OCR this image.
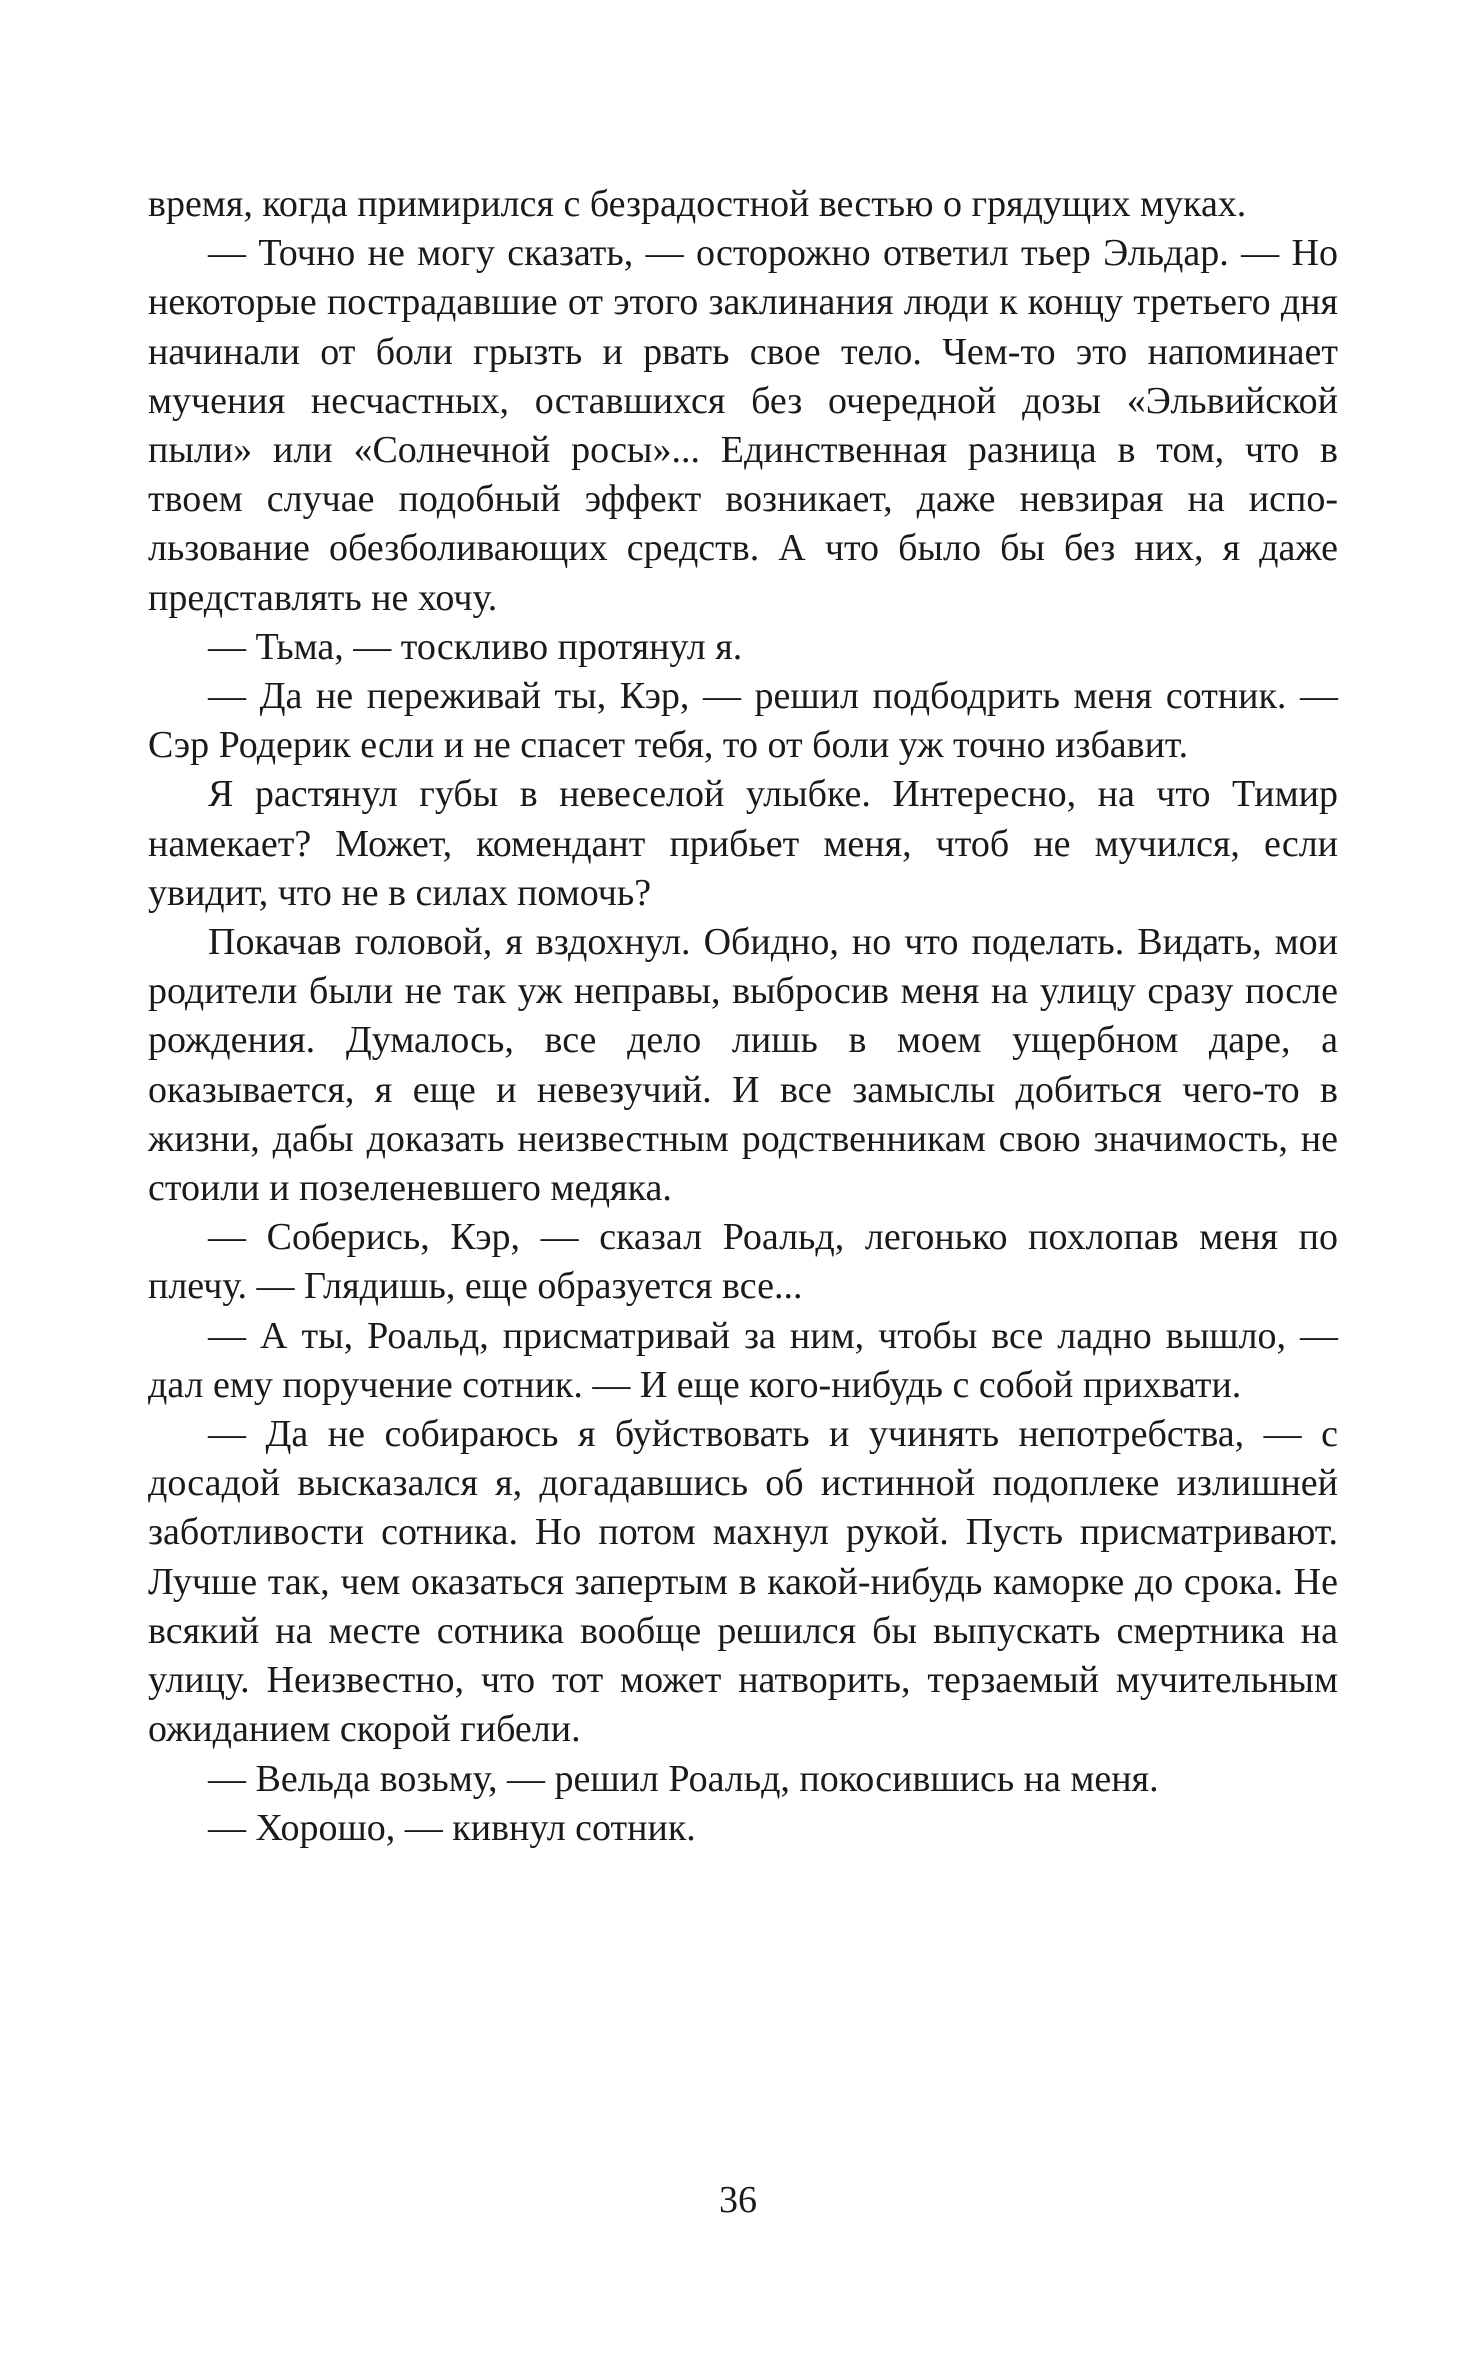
время, когда примирился с безрадостной вестью о грядущих муках.

— Точно не могу сказать, — осторожно ответил тьер Эльдар. — Но некоторые пострадавшие от этого заклинания люди к концу третьего дня начинали от боли грызть и рвать свое тело. Чем-то это напоминает мучения несчастных, оставшихся без очередной дозы «Эльвийской пыли» или «Солнечной росы»... Единственная разница в том, что в твоем случае подобный эффект возникает, даже невзирая на использование обезболивающих средств. А что было бы без них, я даже представлять не хочу.

— Тьма, — тоскливо протянул я.

— Да не переживай ты, Кэр, — решил подбодрить меня сотник. — Сэр Родерик если и не спасет тебя, то от боли уж точно избавит.

Я растянул губы в невеселой улыбке. Интересно, на что Тимир намекает? Может, комендант прибьет меня, чтоб не мучился, если увидит, что не в силах помочь?

Покачав головой, я вздохнул. Обидно, но что поделать. Видать, мои родители были не так уж неправы, выбросив меня на улицу сразу после рождения. Думалось, все дело лишь в моем ущербном даре, а оказывается, я еще и невезучий. И все замыслы добиться чего-то в жизни, дабы доказать неизвестным родственникам свою значимость, не стоили и позеленевшего медяка.

— Соберись, Кэр, — сказал Роальд, легонько похлопав меня по плечу. — Глядишь, еще образуется все...

— А ты, Роальд, присматривай за ним, чтобы все ладно вышло, — дал ему поручение сотник. — И еще кого-нибудь с собой прихвати.

— Да не собираюсь я буйствовать и учинять непотребства, — с досадой высказался я, догадавшись об истинной подоплеке излишней заботливости сотника. Но потом махнул рукой. Пусть присматривают. Лучше так, чем оказаться запертым в какой-нибудь каморке до срока. Не всякий на месте сотника вообще решился бы выпускать смертника на улицу. Неизвестно, что тот может натворить, терзаемый мучительным ожиданием скорой гибели.

— Вельда возьму, — решил Роальд, покосившись на меня.

— Хорошо, — кивнул сотник.

36
